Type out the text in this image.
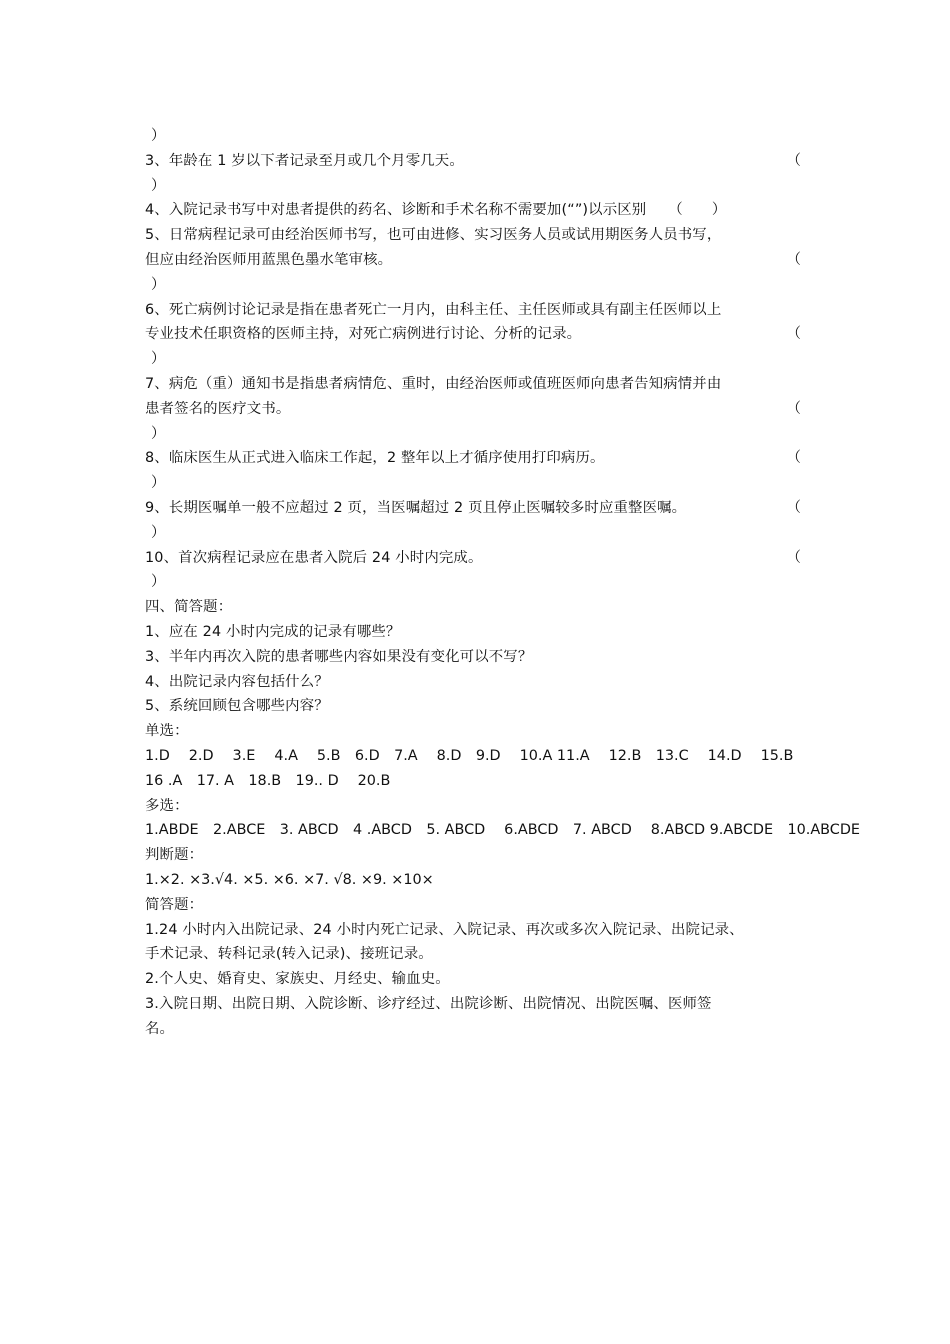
）
3、年龄在 1 岁以下者记录至月或几个月零几天。	（
）
4、入院记录书写中对患者提供的药名、诊断和手术名称不需要加(“”)以示区别　　（　　）
5、日常病程记录可由经治医师书写，也可由进修、实习医务人员或试用期医务人员书写，
但应由经治医师用蓝黑色墨水笔审核。	（
）
6、死亡病例讨论记录是指在患者死亡一月内，由科主任、主任医师或具有副主任医师以上
专业技术任职资格的医师主持，对死亡病例进行讨论、分析的记录。	（
）
7、病危（重）通知书是指患者病情危、重时，由经治医师或值班医师向患者告知病情并由
患者签名的医疗文书。	（
）
8、临床医生从正式进入临床工作起，2 整年以上才循序使用打印病历。	（
）
9、长期医嘱单一般不应超过 2 页，当医嘱超过 2 页且停止医嘱较多时应重整医嘱。	（
）
10、首次病程记录应在患者入院后 24 小时内完成。	（
）
四、简答题：
1、应在 24 小时内完成的记录有哪些？
3、半年内再次入院的患者哪些内容如果没有变化可以不写？
4、出院记录内容包括什么？
5、系统回顾包含哪些内容？
单选：
1.D　 2.D　 3.E　 4.A　 5.B　6.D　7.A　 8.D　9.D　 10.A 11.A　 12.B　13.C　 14.D　 15.B
16 .A　17. A　18.B　19.. D　 20.B
多选：
1.ABDE　2.ABCE　3. ABCD　4 .ABCD　5. ABCD　 6.ABCD　7. ABCD　 8.ABCD 9.ABCDE　10.ABCDE
判断题：
1.×2. ×3.√4. ×5. ×6. ×7. √8. ×9. ×10×
简答题：
1.24 小时内入出院记录、24 小时内死亡记录、入院记录、再次或多次入院记录、出院记录、
手术记录、转科记录(转入记录)、接班记录。
2.个人史、婚育史、家族史、月经史、输血史。
3.入院日期、出院日期、入院诊断、诊疗经过、出院诊断、出院情况、出院医嘱、医师签
名。
